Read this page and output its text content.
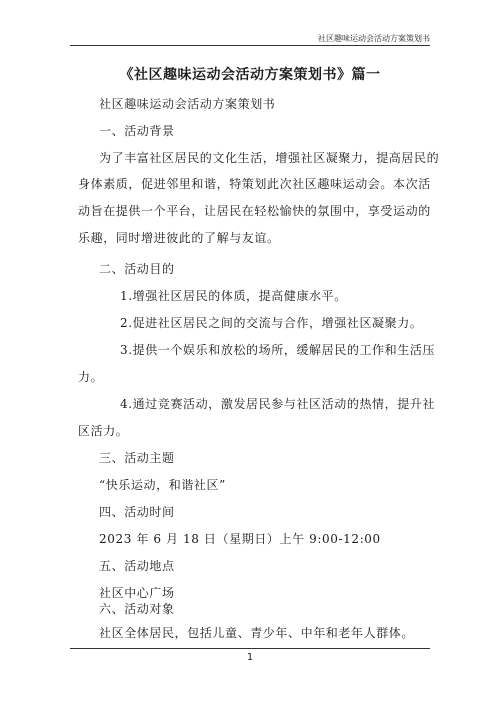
社区趣味运动会活动方案策划书
《社区趣味运动会活动方案策划书》篇一

社区趣味运动会活动方案策划书

一、活动背景

为了丰富社区居民的文化生活，增强社区凝聚力，提高居民的

身体素质，促进邻里和谐，特策划此次社区趣味运动会。本次活动旨在提供一个平台，让居民在轻松愉快的氛围中，享受运动的乐趣，同时增进彼此的了解与友谊。

二、活动目的

1.增强社区居民的体质，提高健康水平。

2.促进社区居民之间的交流与合作，增强社区凝聚力。

3.提供一个娱乐和放松的场所，缓解居民的工作和生活压

力。

4.通过竞赛活动，激发居民参与社区活动的热情，提升社

区活力。

三、活动主题

“快乐运动，和谐社区”

四、活动时间

2023 年 6 月 18 日（星期日）上午 9:00-12:00

五、活动地点

社区中心广场

六、活动对象

1

社区全体居民，包括儿童、青少年、中年和老年人群体。
